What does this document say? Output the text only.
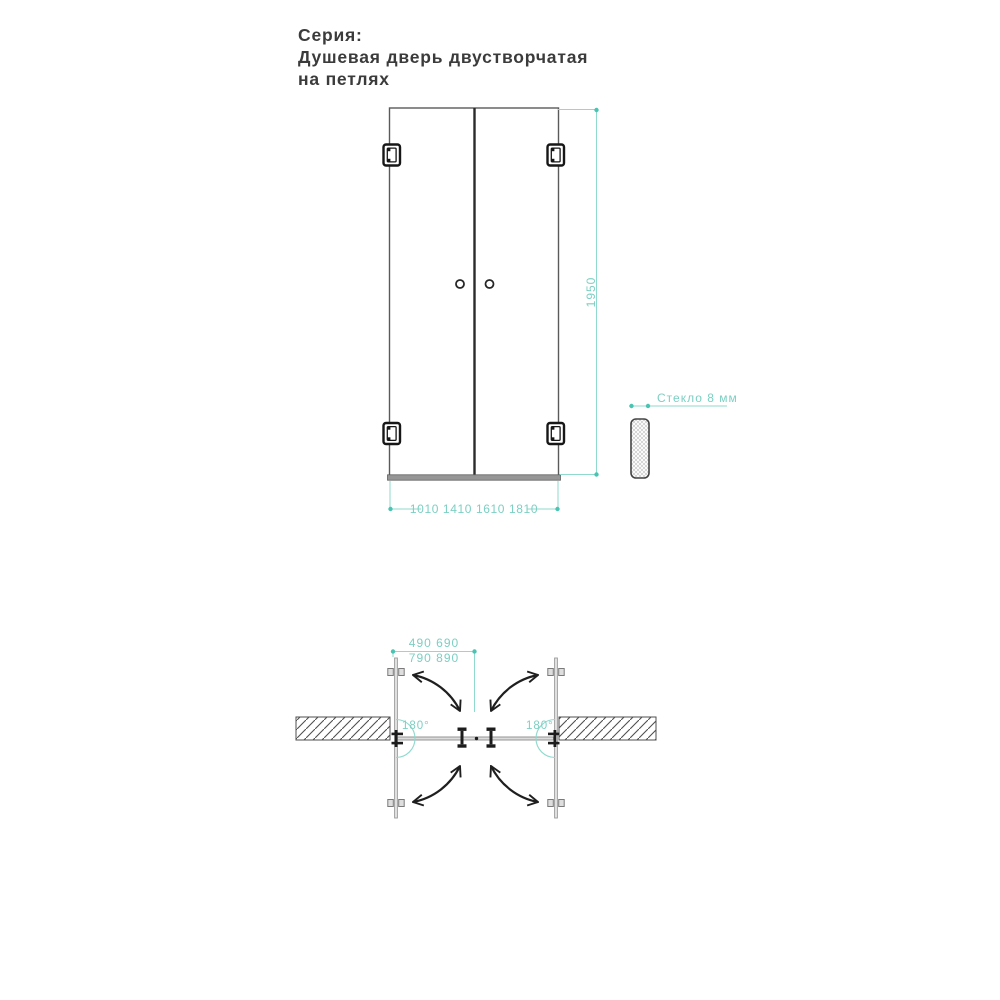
Серия:
Душевая дверь двустворчатая
на петлях
1950
1010 1410 1610 1810
Стекло 8 мм
490 690
790 890
180°	180°
